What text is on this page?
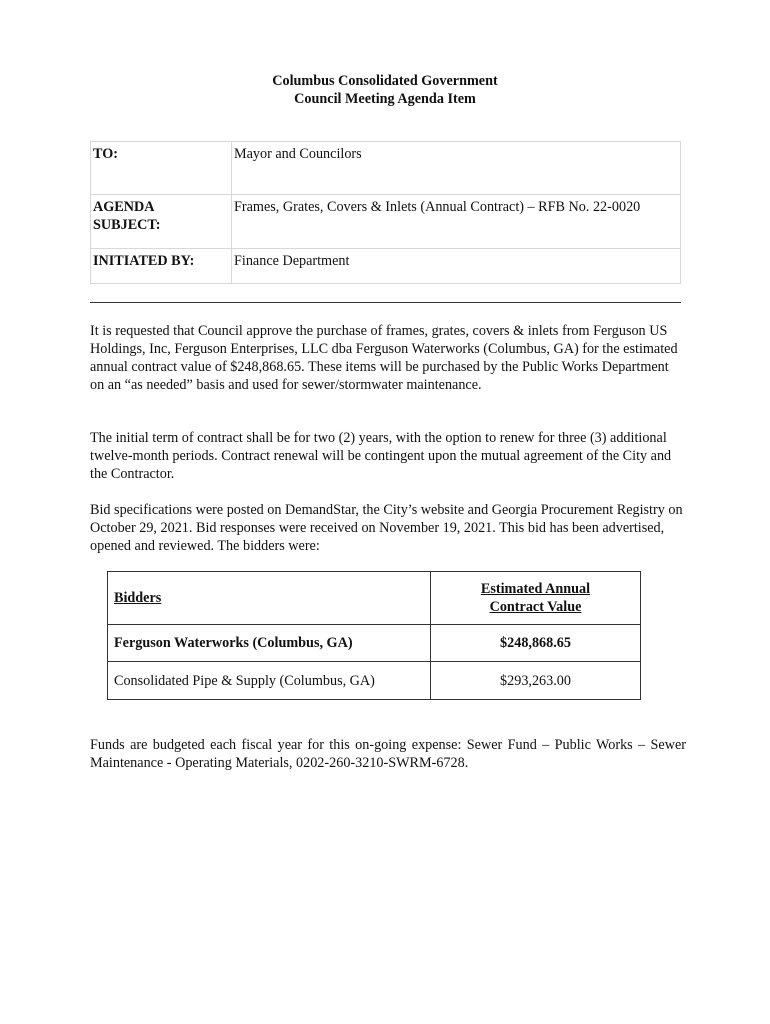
Columbus Consolidated Government
Council Meeting Agenda Item
TO:	Mayor and Councilors

AGENDA SUBJECT:	Frames, Grates, Covers & Inlets (Annual Contract) – RFB No. 22-0020

INITIATED BY:	Finance Department
It is requested that Council approve the purchase of frames, grates, covers & inlets from Ferguson US Holdings, Inc, Ferguson Enterprises, LLC dba Ferguson Waterworks (Columbus, GA) for the estimated annual contract value of $248,868.65. These items will be purchased by the Public Works Department on an “as needed” basis and used for sewer/stormwater maintenance.
The initial term of contract shall be for two (2) years, with the option to renew for three (3) additional twelve-month periods. Contract renewal will be contingent upon the mutual agreement of the City and the Contractor.
Bid specifications were posted on DemandStar, the City’s website and Georgia Procurement Registry on October 29, 2021. Bid responses were received on November 19, 2021. This bid has been advertised, opened and reviewed. The bidders were:
Bidders	Estimated Annual Contract Value

Ferguson Waterworks (Columbus, GA)	$248,868.65
Consolidated Pipe & Supply (Columbus, GA)	$293,263.00
Funds are budgeted each fiscal year for this on-going expense: Sewer Fund – Public Works – Sewer Maintenance - Operating Materials, 0202-260-3210-SWRM-6728.
